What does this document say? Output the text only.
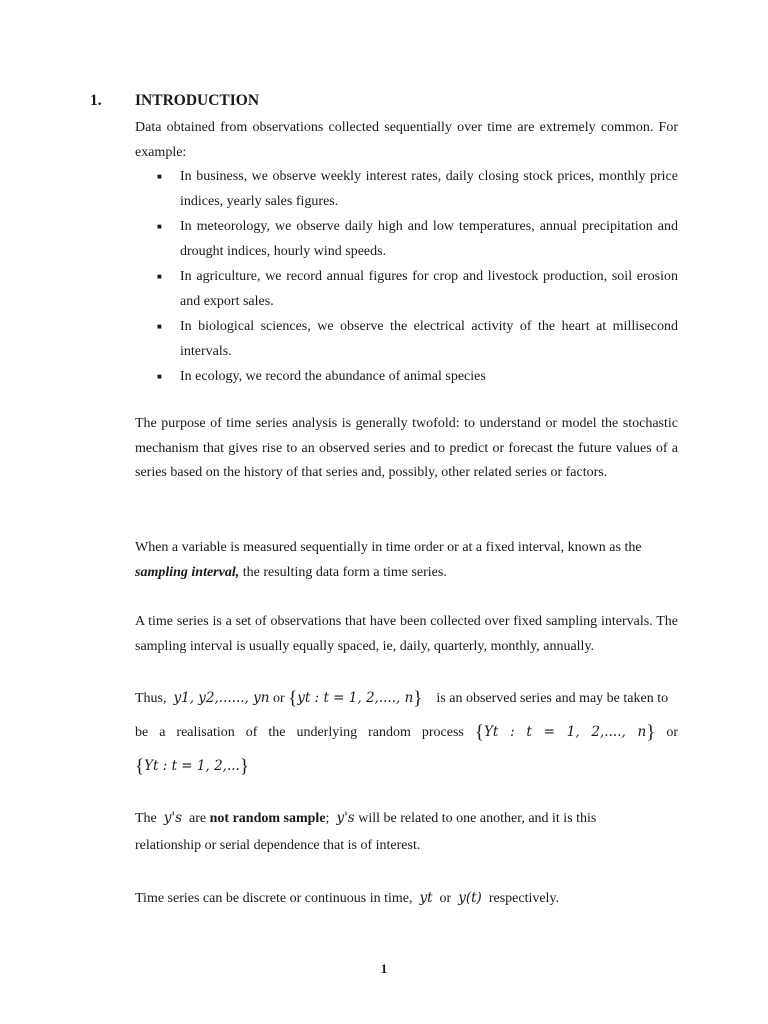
1. INTRODUCTION
Data obtained from observations collected sequentially over time are extremely common. For example:
■ In business, we observe weekly interest rates, daily closing stock prices, monthly price indices, yearly sales figures.
■ In meteorology, we observe daily high and low temperatures, annual precipitation and drought indices, hourly wind speeds.
■ In agriculture, we record annual figures for crop and livestock production, soil erosion and export sales.
■ In biological sciences, we observe the electrical activity of the heart at millisecond intervals.
■ In ecology, we record the abundance of animal species
The purpose of time series analysis is generally twofold: to understand or model the stochastic mechanism that gives rise to an observed series and to predict or forecast the future values of a series based on the history of that series and, possibly, other related series or factors.
When a variable is measured sequentially in time order or at a fixed interval, known as the sampling interval, the resulting data form a time series.
A time series is a set of observations that have been collected over fixed sampling intervals. The sampling interval is usually equally spaced, ie, daily, quarterly, monthly, annually.
Thus, y1, y2,......, yn or {yt : t = 1, 2,...., n} is an observed series and may be taken to
be a realisation of the underlying random process {Yt : t = 1, 2,...., n} or
{Yt : t = 1, 2,...}
The y's are not random sample; y's will be related to one another, and it is this
relationship or serial dependence that is of interest.
Time series can be discrete or continuous in time, yt or y(t) respectively.
1
